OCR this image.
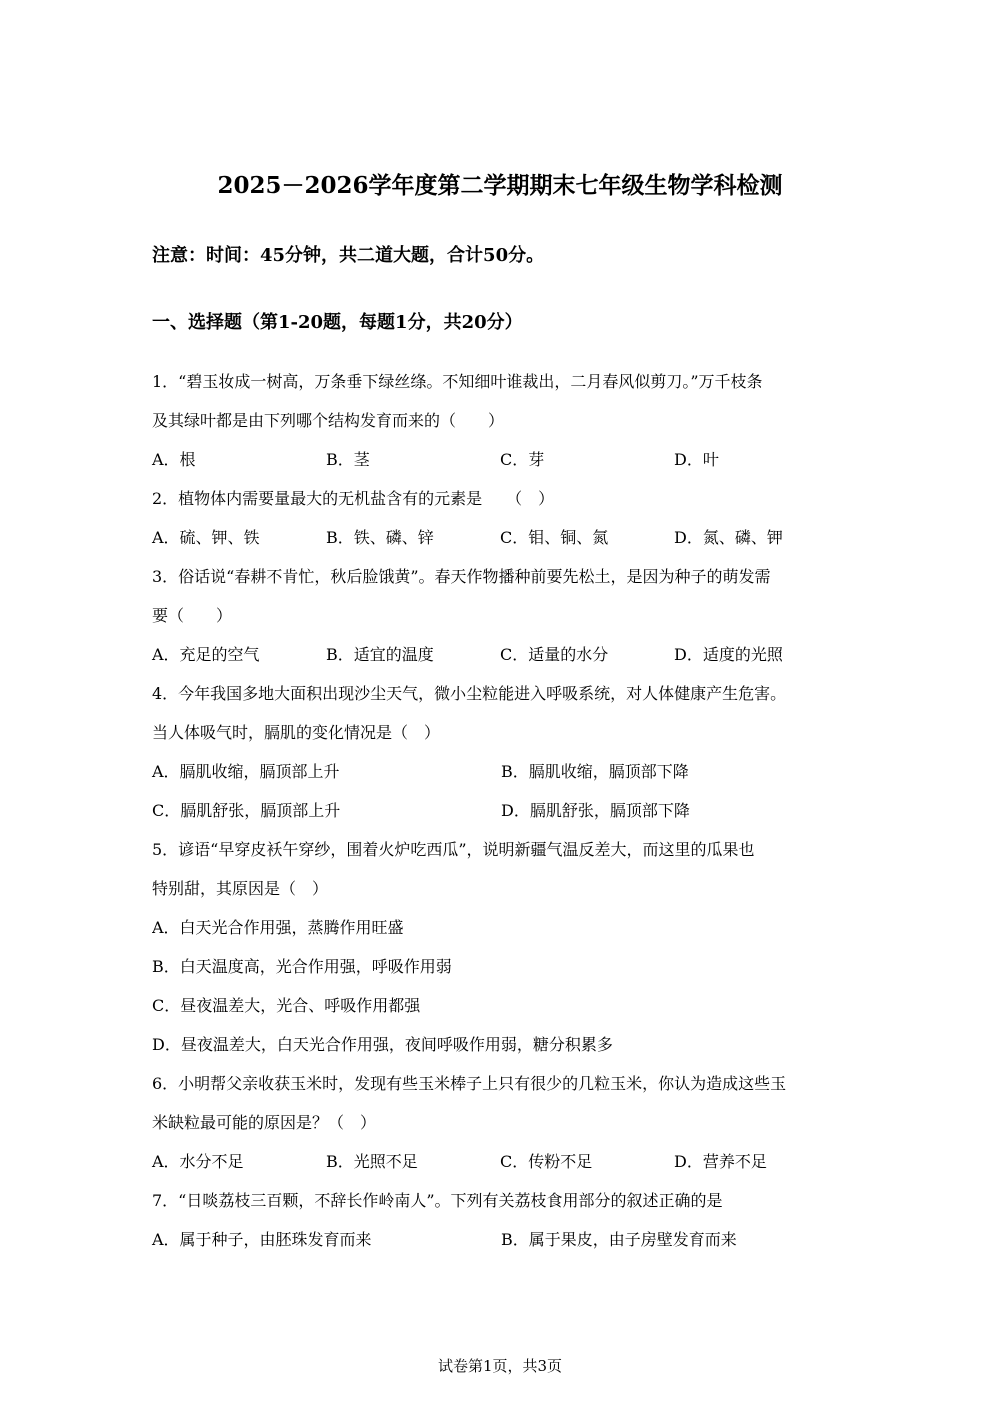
2025－2026学年度第二学期期末七年级生物学科检测
注意：时间：45分钟，共二道大题，合计50分。
一、选择题（第1-20题，每题1分，共20分）
1．“碧玉妆成一树高，万条垂下绿丝绦。不知细叶谁裁出，二月春风似剪刀。”万千枝条
及其绿叶都是由下列哪个结构发育而来的（　　）
A．根	B．茎	C．芽	D．叶
2．植物体内需要量最大的无机盐含有的元素是　　（　）
A．硫、钾、铁	B．铁、磷、锌	C．钼、铜、氮	D．氮、磷、钾
3．俗话说“春耕不肯忙，秋后脸饿黄”。春天作物播种前要先松土，是因为种子的萌发需
要（　　）
A．充足的空气	B．适宜的温度	C．适量的水分	D．适度的光照
4．今年我国多地大面积出现沙尘天气，微小尘粒能进入呼吸系统，对人体健康产生危害。
当人体吸气时，膈肌的变化情况是（　）
A．膈肌收缩，膈顶部上升	B．膈肌收缩，膈顶部下降
C．膈肌舒张，膈顶部上升	D．膈肌舒张，膈顶部下降
5．谚语“早穿皮袄午穿纱，围着火炉吃西瓜”，说明新疆气温反差大，而这里的瓜果也
特别甜，其原因是（　）
A．白天光合作用强，蒸腾作用旺盛
B．白天温度高，光合作用强，呼吸作用弱
C．昼夜温差大，光合、呼吸作用都强
D．昼夜温差大，白天光合作用强，夜间呼吸作用弱，糖分积累多
6．小明帮父亲收获玉米时，发现有些玉米棒子上只有很少的几粒玉米，你认为造成这些玉
米缺粒最可能的原因是？（　）
A．水分不足	B．光照不足	C．传粉不足	D．营养不足
7．“日啖荔枝三百颗，不辞长作岭南人”。下列有关荔枝食用部分的叙述正确的是
A．属于种子，由胚珠发育而来	B．属于果皮，由子房壁发育而来
试卷第1页，共3页
